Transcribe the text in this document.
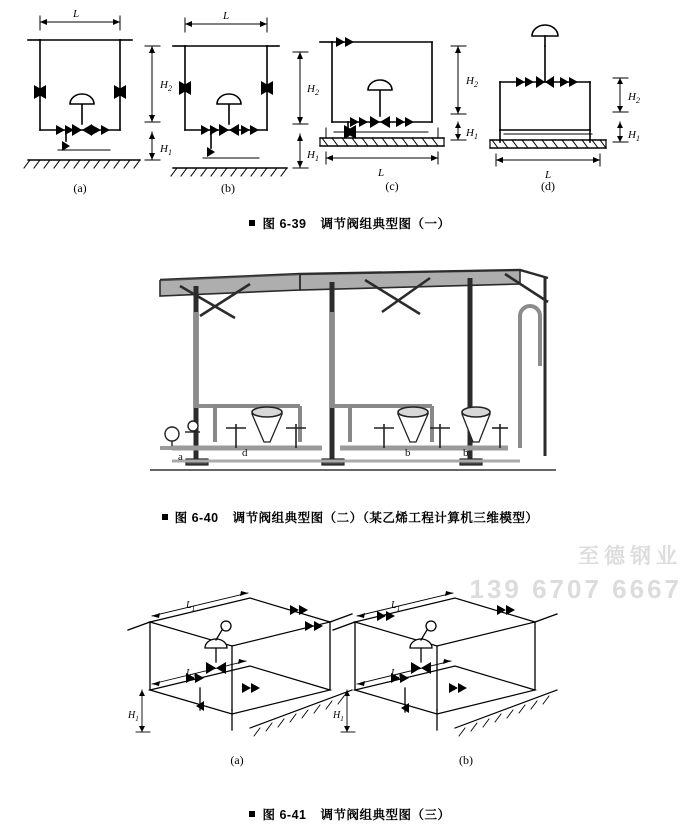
L	L
L	L
$H_2$
$H_1$
$H_2$
$H_1$
$H_2$
$H_1$
$H_2$
$H_1$
(a)	(b)	(c)	(d)
图 6-39 调节阀组典型图（一）
a	d	b	b
图 6-40 调节阀组典型图（二）（某乙烯工程计算机三维模型）
$L_1$
$L_2$
$H_1$
$L_1$
$L_2$
$H_1$
(a)	(b)
图 6-41 调节阀组典型图（三）
至德钢业
139 6707 6667
